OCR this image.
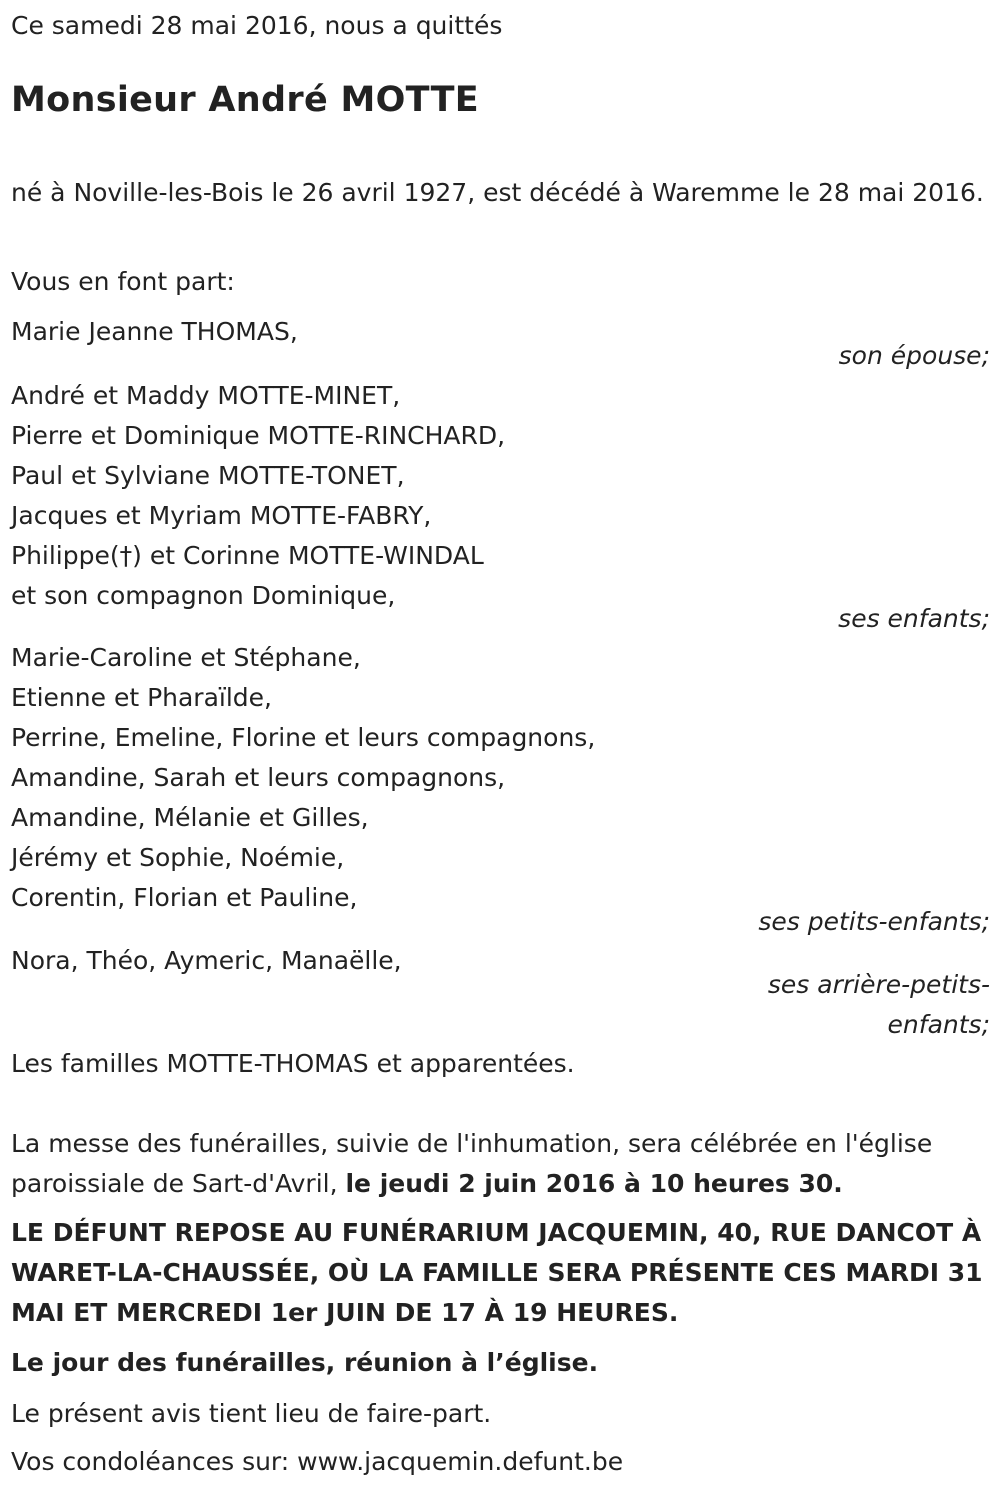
Ce samedi 28 mai 2016, nous a quittés

Monsieur André MOTTE

né à Noville-les-Bois le 26 avril 1927, est décédé à Waremme le 28 mai 2016.

Vous en font part:

Marie Jeanne THOMAS,

son épouse;

André et Maddy MOTTE-MINET,

Pierre et Dominique MOTTE-RINCHARD,

Paul et Sylviane MOTTE-TONET,

Jacques et Myriam MOTTE-FABRY,

Philippe(†) et Corinne MOTTE-WINDAL

et son compagnon Dominique,

ses enfants;

Marie-Caroline et Stéphane,

Etienne et Pharaïlde,

Perrine, Emeline, Florine et leurs compagnons,

Amandine, Sarah et leurs compagnons,

Amandine, Mélanie et Gilles,

Jérémy et Sophie, Noémie,

Corentin, Florian et Pauline,

ses petits-enfants;

Nora, Théo, Aymeric, Manaëlle,

ses arrière-petits-
enfants;

Les familles MOTTE-THOMAS et apparentées.

La messe des funérailles, suivie de l'inhumation, sera célébrée en l'église paroissiale de Sart-d'Avril, le jeudi 2 juin 2016 à 10 heures 30.

LE DÉFUNT REPOSE AU FUNÉRARIUM JACQUEMIN, 40, RUE DANCOT À WARET-LA-CHAUSSÉE, OÙ LA FAMILLE SERA PRÉSENTE CES MARDI 31 MAI ET MERCREDI 1er JUIN DE 17 À 19 HEURES.

Le jour des funérailles, réunion à l’église.

Le présent avis tient lieu de faire-part.

Vos condoléances sur: www.jacquemin.defunt.be
